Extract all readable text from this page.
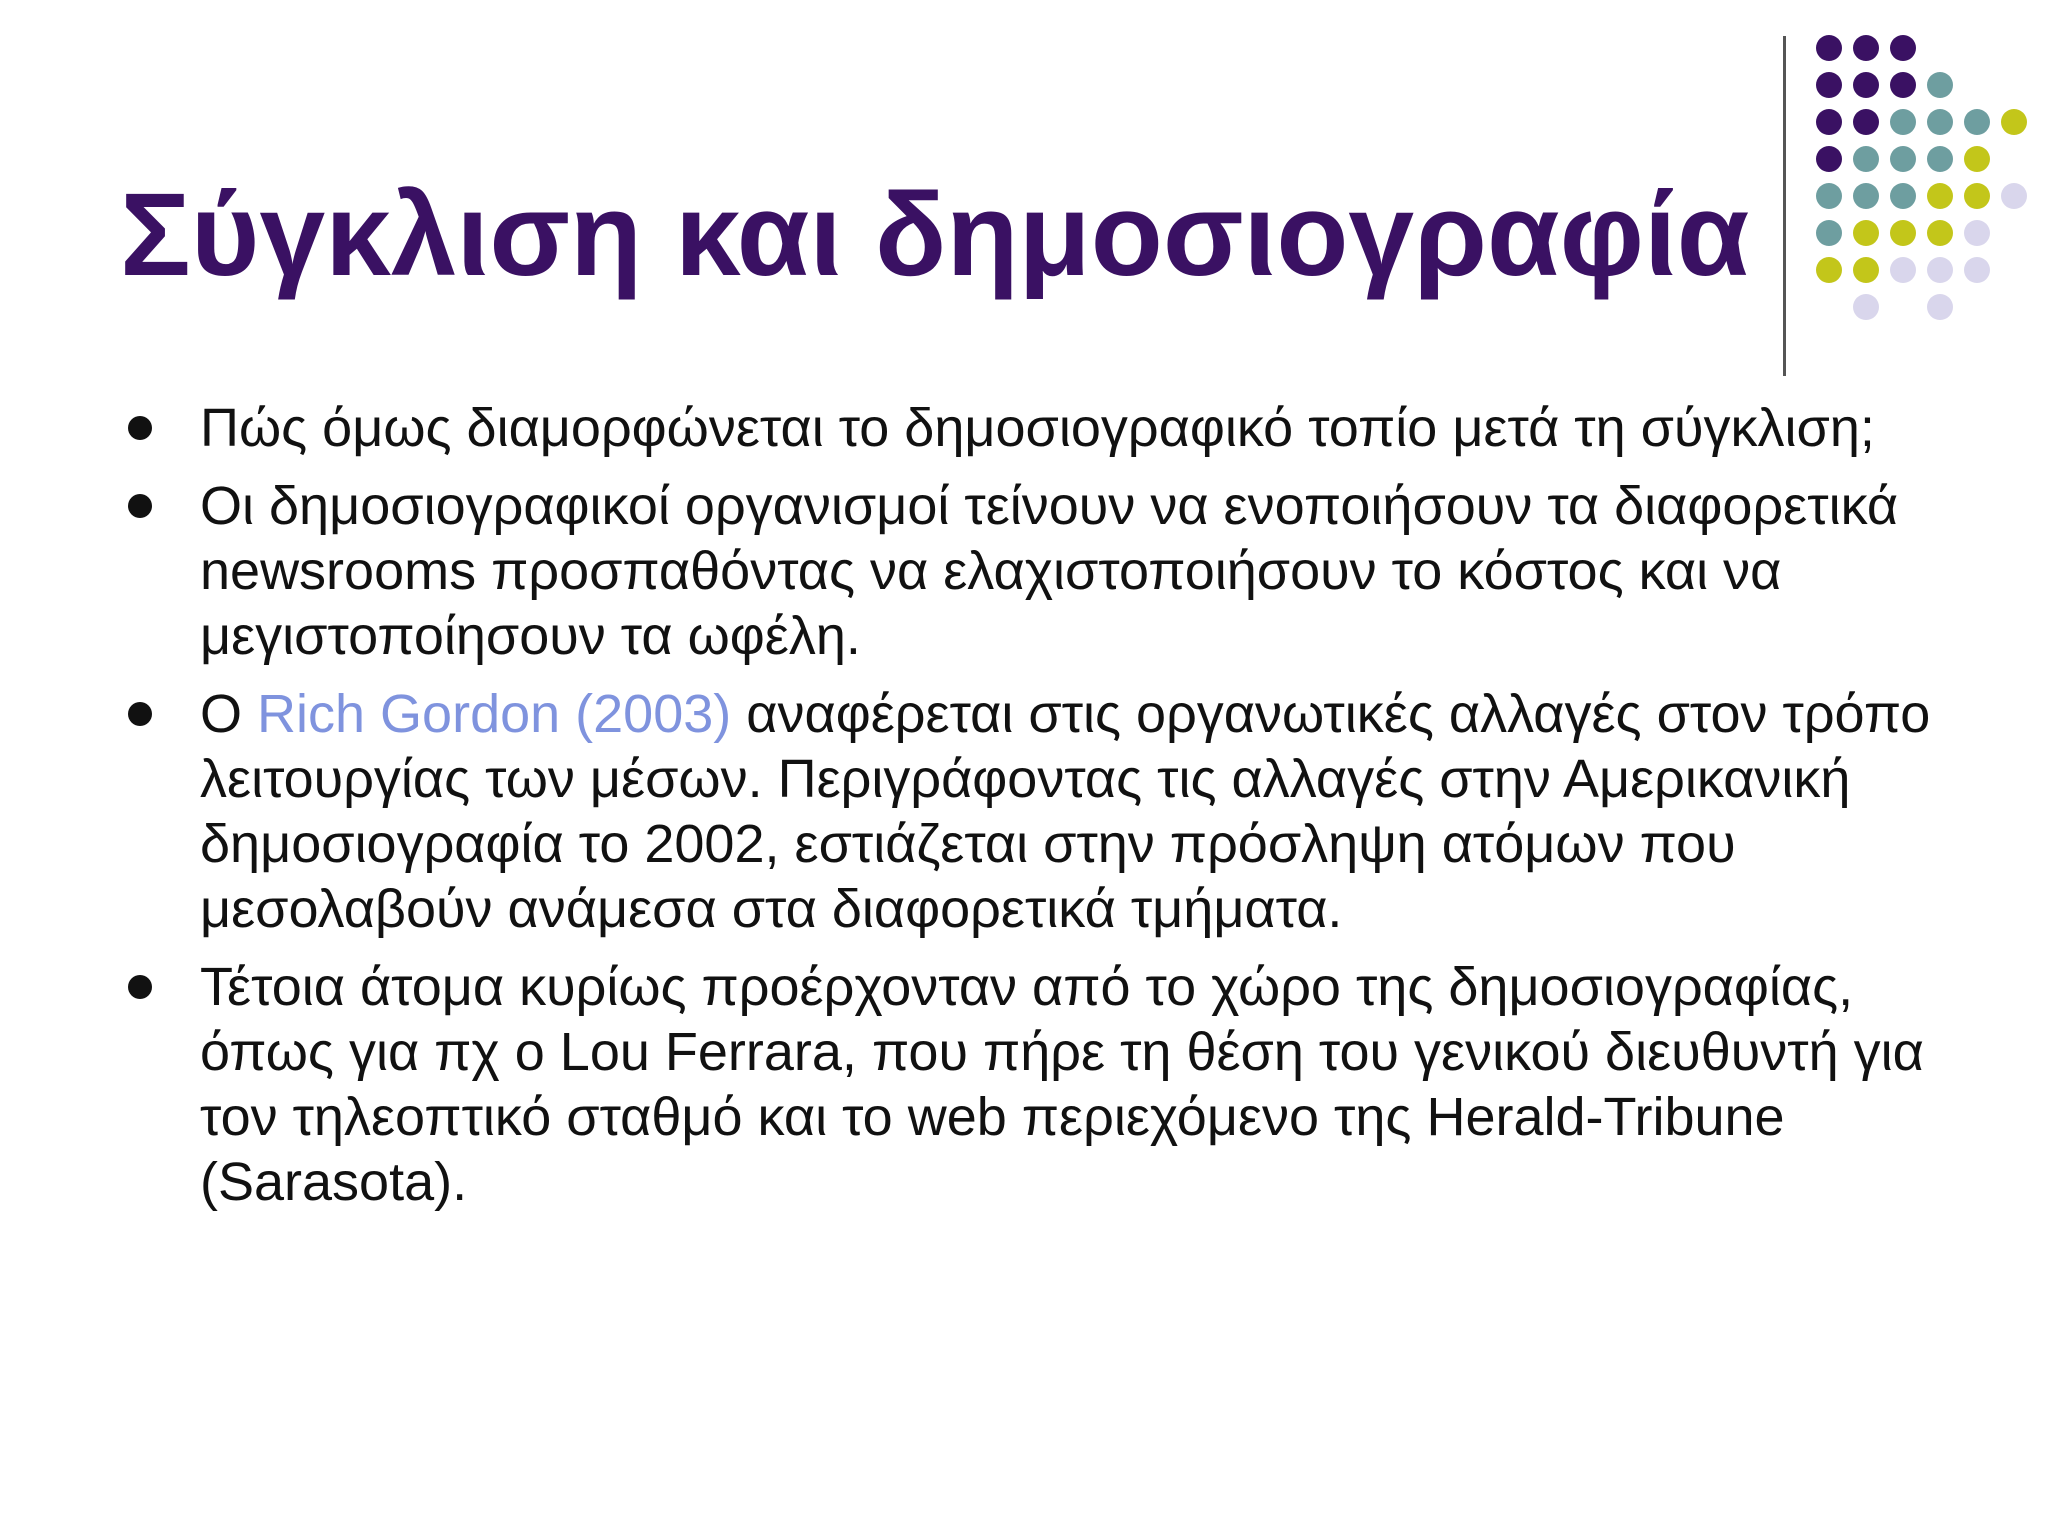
Σύγκλιση και δημοσιογραφία
Πώς όμως διαμορφώνεται το δημοσιογραφικό τοπίο μετά τη σύγκλιση;
Οι δημοσιογραφικοί οργανισμοί τείνουν να ενοποιήσουν τα διαφορετικά newsrooms προσπαθόντας να ελαχιστοποιήσουν το κόστος και να μεγιστοποίησουν τα ωφέλη.
Ο Rich Gordon (2003) αναφέρεται στις οργανωτικές αλλαγές στον τρόπο λειτουργίας των μέσων. Περιγράφοντας τις αλλαγές στην Αμερικανική δημοσιογραφία το 2002, εστιάζεται στην πρόσληψη ατόμων που μεσολαβούν ανάμεσα στα διαφορετικά τμήματα.
Τέτοια άτομα κυρίως προέρχονταν από το χώρο της δημοσιογραφίας, όπως για πχ ο Lou Ferrara, που πήρε τη θέση του γενικού διευθυντή για τον τηλεοπτικό σταθμό και το web περιεχόμενο της Herald-Tribune (Sarasota).
